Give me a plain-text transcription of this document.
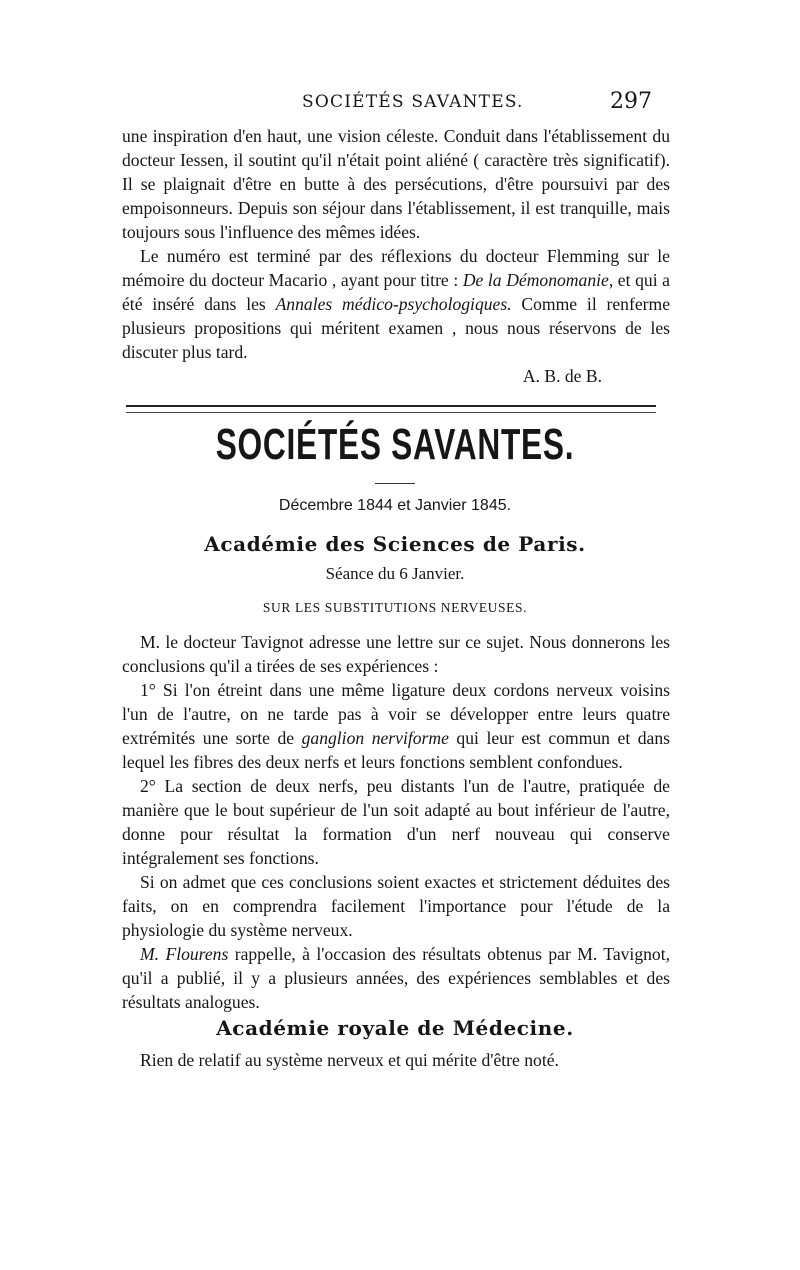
SOCIÉTÉS SAVANTES.	297

une inspiration d'en haut, une vision céleste. Conduit dans l'établissement du docteur Iessen, il soutint qu'il n'était point aliéné ( caractère très significatif). Il se plaignait d'être en butte à des persécutions, d'être poursuivi par des empoisonneurs. Depuis son séjour dans l'établissement, il est tranquille, mais toujours sous l'influence des mêmes idées.

Le numéro est terminé par des réflexions du docteur Flemming sur le mémoire du docteur Macario , ayant pour titre : De la Démonomanie, et qui a été inséré dans les Annales médico-psychologiques. Comme il renferme plusieurs propositions qui méritent examen , nous nous réservons de les discuter plus tard.

A. B. de B.

SOCIÉTÉS SAVANTES.
Décembre 1844 et Janvier 1845.
Académie des Sciences de Paris.
Séance du 6 Janvier.
SUR LES SUBSTITUTIONS NERVEUSES.

M. le docteur Tavignot adresse une lettre sur ce sujet. Nous donnerons les conclusions qu'il a tirées de ses expériences :

1° Si l'on étreint dans une même ligature deux cordons nerveux voisins l'un de l'autre, on ne tarde pas à voir se développer entre leurs quatre extrémités une sorte de ganglion nerviforme qui leur est commun et dans lequel les fibres des deux nerfs et leurs fonctions semblent confondues.

2° La section de deux nerfs, peu distants l'un de l'autre, pratiquée de manière que le bout supérieur de l'un soit adapté au bout inférieur de l'autre, donne pour résultat la formation d'un nerf nouveau qui conserve intégralement ses fonctions.

Si on admet que ces conclusions soient exactes et strictement déduites des faits, on en comprendra facilement l'importance pour l'étude de la physiologie du système nerveux.

M. Flourens rappelle, à l'occasion des résultats obtenus par M. Tavignot, qu'il a publié, il y a plusieurs années, des expériences semblables et des résultats analogues.

Académie royale de Médecine.

Rien de relatif au système nerveux et qui mérite d'être noté.
